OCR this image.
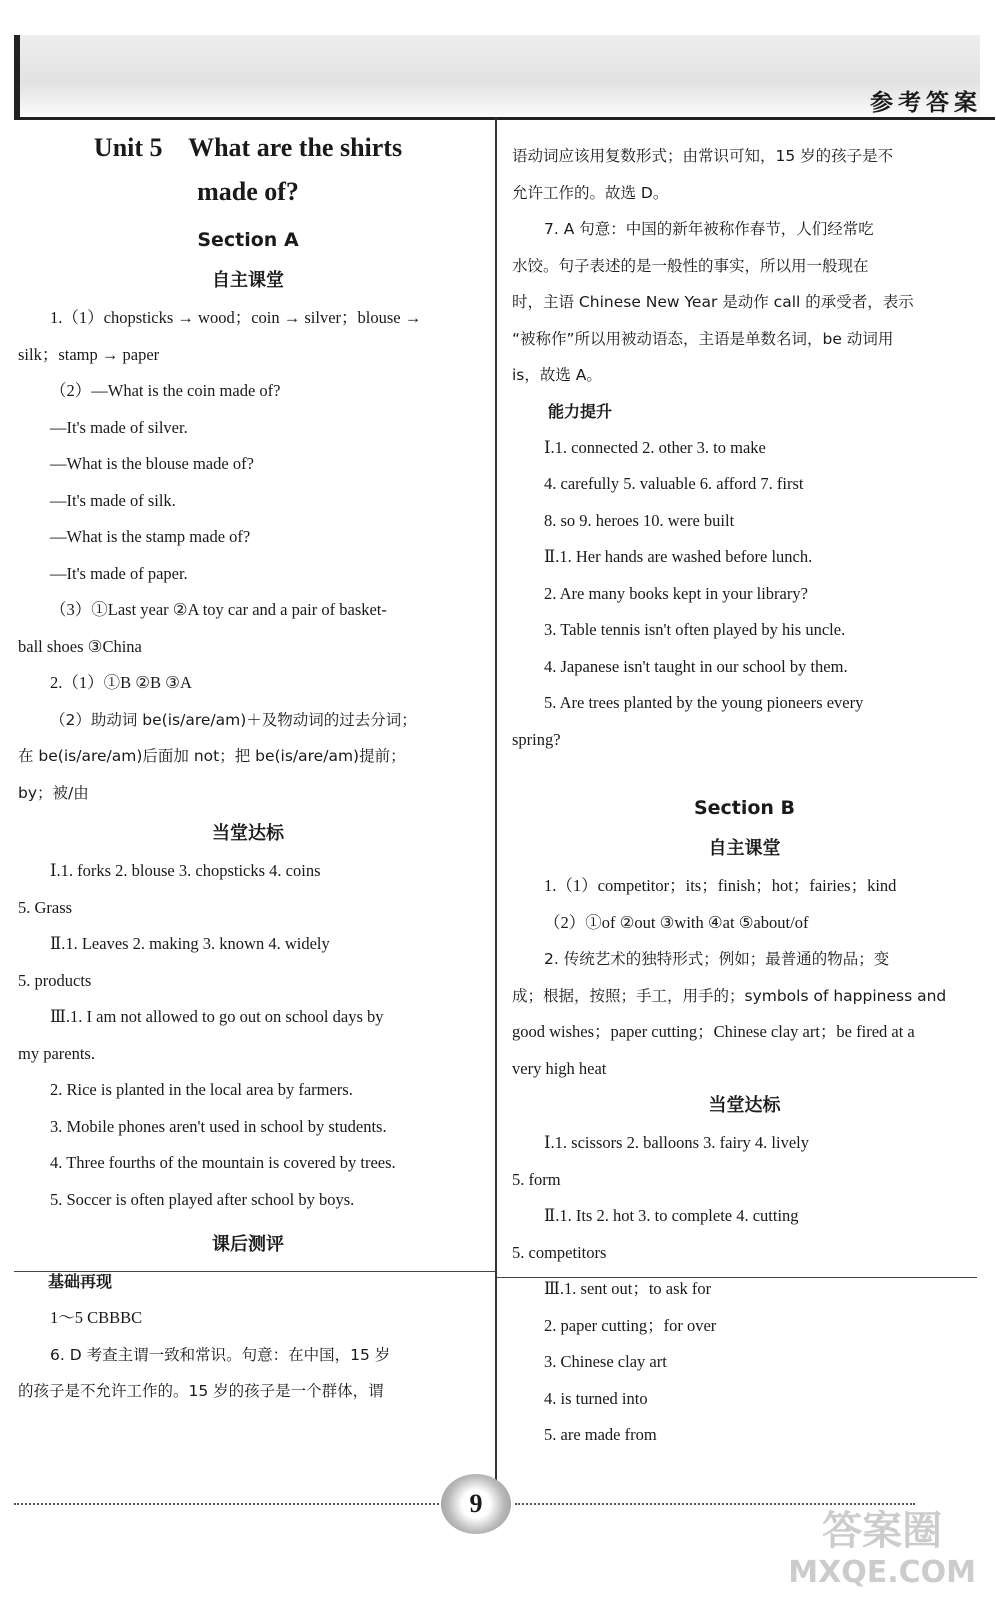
参考答案
Unit 5    What are the shirts
made of?
Section A
自主课堂

1.（1）chopsticks → wood；coin → silver；blouse →

silk；stamp → paper

（2）—What is the coin made of?

—It's made of silver.

—What is the blouse made of?

—It's made of silk.

—What is the stamp made of?

—It's made of paper.

（3）①Last year ②A toy car and a pair of basket-

ball shoes ③China

2.（1）①B ②B ③A

（2）助动词 be(is/are/am)＋及物动词的过去分词；

在 be(is/are/am)后面加 not；把 be(is/are/am)提前；

by；被/由

当堂达标

Ⅰ.1. forks 2. blouse 3. chopsticks 4. coins

5. Grass

Ⅱ.1. Leaves 2. making 3. known 4. widely

5. products

Ⅲ.1. I am not allowed to go out on school days by

my parents.

2. Rice is planted in the local area by farmers.

3. Mobile phones aren't used in school by students.

4. Three fourths of the mountain is covered by trees.

5. Soccer is often played after school by boys.

课后测评
基础再现

1～5 CBBBC

6. D 考查主谓一致和常识。句意：在中国，15 岁

的孩子是不允许工作的。15 岁的孩子是一个群体，谓

语动词应该用复数形式；由常识可知，15 岁的孩子是不

允许工作的。故选 D。

7. A 句意：中国的新年被称作春节，人们经常吃

水饺。句子表述的是一般性的事实，所以用一般现在

时，主语 Chinese New Year 是动作 call 的承受者，表示

“被称作”所以用被动语态，主语是单数名词，be 动词用

is，故选 A。

能力提升

Ⅰ.1. connected 2. other 3. to make

4. carefully 5. valuable 6. afford 7. first

8. so 9. heroes 10. were built

Ⅱ.1. Her hands are washed before lunch.

2. Are many books kept in your library?

3. Table tennis isn't often played by his uncle.

4. Japanese isn't taught in our school by them.

5. Are trees planted by the young pioneers every

spring?

Section B
自主课堂

1.（1）competitor；its；finish；hot；fairies；kind

（2）①of ②out ③with ④at ⑤about/of

2. 传统艺术的独特形式；例如；最普通的物品；变

成；根据，按照；手工，用手的；symbols of happiness and

good wishes；paper cutting；Chinese clay art；be fired at a

very high heat

当堂达标

Ⅰ.1. scissors 2. balloons 3. fairy 4. lively

5. form

Ⅱ.1. Its 2. hot 3. to complete 4. cutting

5. competitors

Ⅲ.1. sent out；to ask for

2. paper cutting；for over

3. Chinese clay art

4. is turned into

5. are made from

9
答案圈
MXQE.COM
